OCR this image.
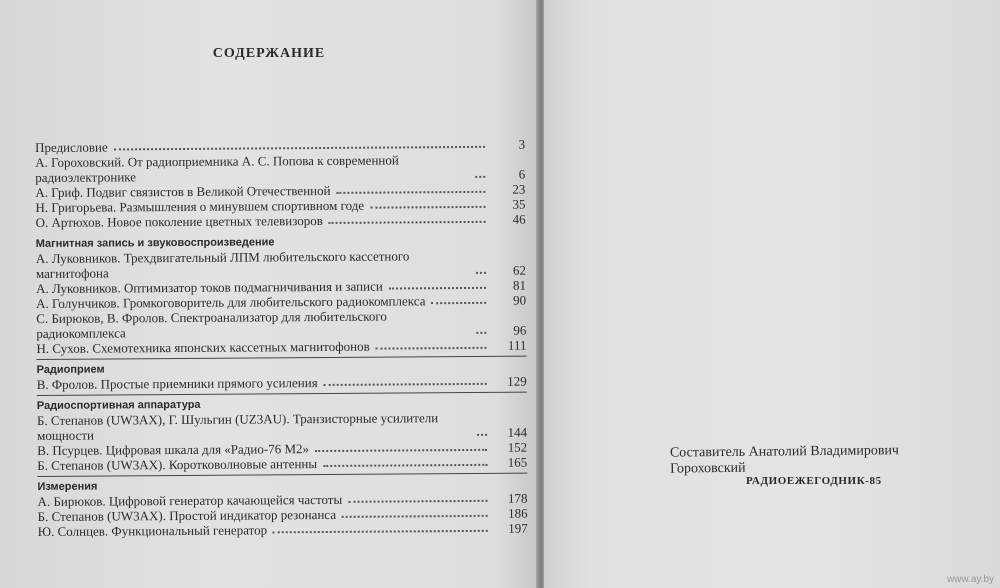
СОДЕРЖАНИЕ
Предисловие	3
А. Гороховский. От радиоприемника А. С. Попова к современной радиоэлектронике	6
А. Гриф. Подвиг связистов в Великой Отечественной	23
Н. Григорьева. Размышления о минувшем спортивном годе	35
О. Артюхов. Новое поколение цветных телевизоров	46
Магнитная запись и звуковоспроизведение
А. Луковников. Трехдвигательный ЛПМ любительского кассетного магнитофона	62
А. Луковников. Оптимизатор токов подмагничивания и записи	81
А. Голунчиков. Громкоговоритель для любительского радиокомплекса	90
С. Бирюков, В. Фролов. Спектроанализатор для любительского радиокомплекса	96
Н. Сухов. Схемотехника японских кассетных магнитофонов	111
Радиоприем
В. Фролов. Простые приемники прямого усиления	129
Радиоспортивная аппаратура
Б. Степанов (UW3AX), Г. Шульгин (UZ3AU). Транзисторные усилители мощности	144
В. Псурцев. Цифровая шкала для «Радио-76 М2»	152
Б. Степанов (UW3AX). Коротковолновые антенны	165
Измерения
А. Бирюков. Цифровой генератор качающейся частоты	178
Б. Степанов (UW3AX). Простой индикатор резонанса	186
Ю. Солнцев. Функциональный генератор	197
Составитель Анатолий Владимирович Гороховский
РАДИОЕЖЕГОДНИК-85
www.ay.by
